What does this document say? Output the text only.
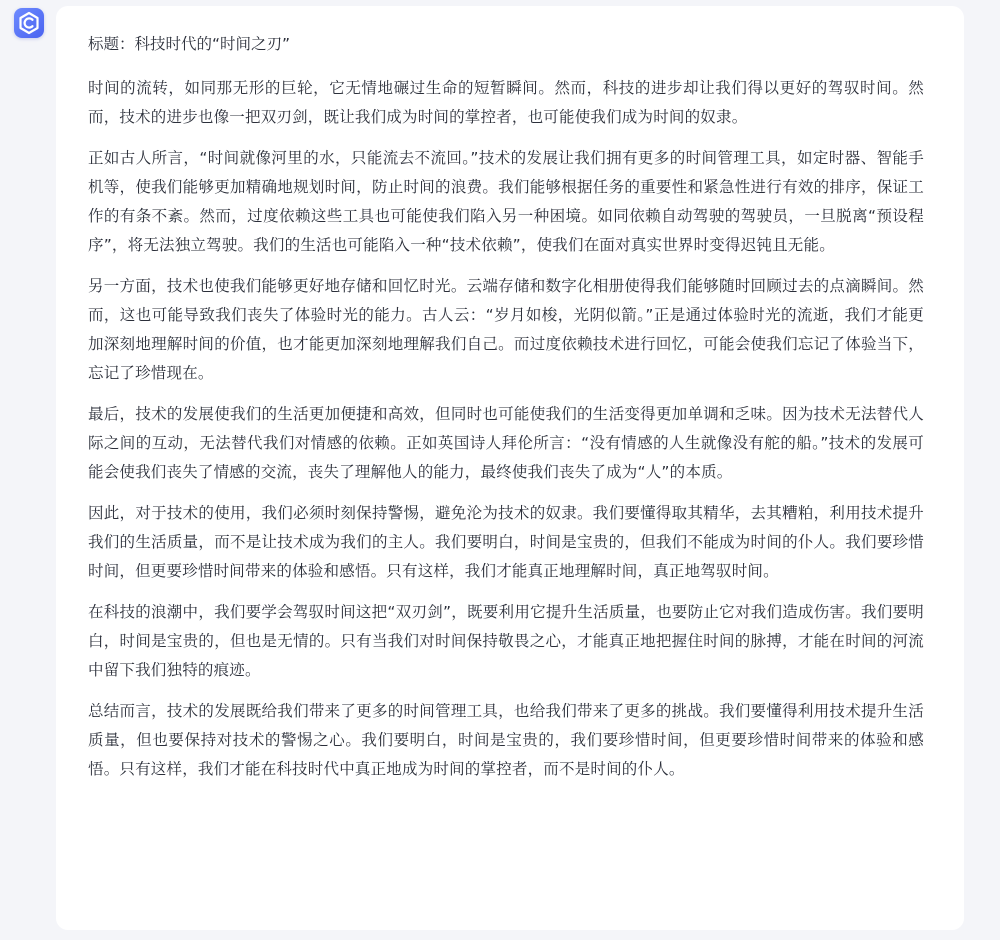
标题：科技时代的“时间之刃”

时间的流转，如同那无形的巨轮，它无情地碾过生命的短暂瞬间。然而，科技的进步却让我们得以更好的驾驭时间。然而，技术的进步也像一把双刃剑，既让我们成为时间的掌控者，也可能使我们成为时间的奴隶。

正如古人所言，“时间就像河里的水，只能流去不流回。”技术的发展让我们拥有更多的时间管理工具，如定时器、智能手机等，使我们能够更加精确地规划时间，防止时间的浪费。我们能够根据任务的重要性和紧急性进行有效的排序，保证工作的有条不紊。然而，过度依赖这些工具也可能使我们陷入另一种困境。如同依赖自动驾驶的驾驶员，一旦脱离“预设程序”，将无法独立驾驶。我们的生活也可能陷入一种“技术依赖”，使我们在面对真实世界时变得迟钝且无能。

另一方面，技术也使我们能够更好地存储和回忆时光。云端存储和数字化相册使得我们能够随时回顾过去的点滴瞬间。然而，这也可能导致我们丧失了体验时光的能力。古人云：“岁月如梭，光阴似箭。”正是通过体验时光的流逝，我们才能更加深刻地理解时间的价值，也才能更加深刻地理解我们自己。而过度依赖技术进行回忆，可能会使我们忘记了体验当下，忘记了珍惜现在。

最后，技术的发展使我们的生活更加便捷和高效，但同时也可能使我们的生活变得更加单调和乏味。因为技术无法替代人际之间的互动，无法替代我们对情感的依赖。正如英国诗人拜伦所言：“没有情感的人生就像没有舵的船。”技术的发展可能会使我们丧失了情感的交流，丧失了理解他人的能力，最终使我们丧失了成为“人”的本质。

因此，对于技术的使用，我们必须时刻保持警惕，避免沦为技术的奴隶。我们要懂得取其精华，去其糟粕，利用技术提升我们的生活质量，而不是让技术成为我们的主人。我们要明白，时间是宝贵的，但我们不能成为时间的仆人。我们要珍惜时间，但更要珍惜时间带来的体验和感悟。只有这样，我们才能真正地理解时间，真正地驾驭时间。

在科技的浪潮中，我们要学会驾驭时间这把“双刃剑”，既要利用它提升生活质量，也要防止它对我们造成伤害。我们要明白，时间是宝贵的，但也是无情的。只有当我们对时间保持敬畏之心，才能真正地把握住时间的脉搏，才能在时间的河流中留下我们独特的痕迹。

总结而言，技术的发展既给我们带来了更多的时间管理工具，也给我们带来了更多的挑战。我们要懂得利用技术提升生活质量，但也要保持对技术的警惕之心。我们要明白，时间是宝贵的，我们要珍惜时间，但更要珍惜时间带来的体验和感悟。只有这样，我们才能在科技时代中真正地成为时间的掌控者，而不是时间的仆人。
